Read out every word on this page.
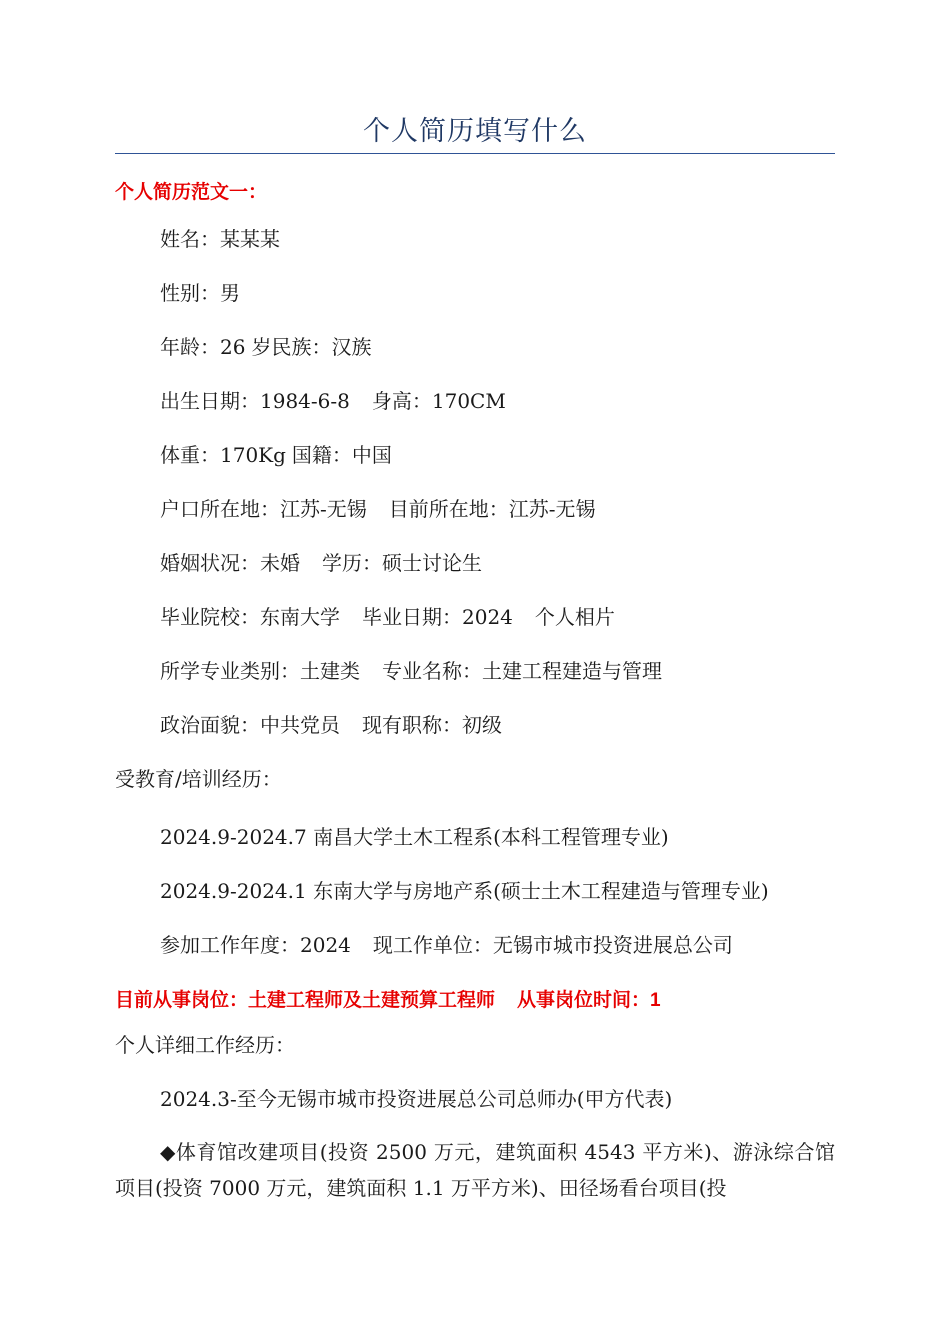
个人简历填写什么
个人简历范文一：
姓名：某某某
性别：男
年龄：26 岁民族：汉族
出生日期：1984-6-8 身高：170CM
体重：170Kg 国籍：中国
户口所在地：江苏-无锡 目前所在地：江苏-无锡
婚姻状况：未婚 学历：硕士讨论生
毕业院校：东南大学 毕业日期：2024 个人相片
所学专业类别：土建类 专业名称：土建工程建造与管理
政治面貌：中共党员 现有职称：初级
受教育/培训经历：
2024.9-2024.7 南昌大学土木工程系(本科工程管理专业)
2024.9-2024.1 东南大学与房地产系(硕士土木工程建造与管理专业)
参加工作年度：2024 现工作单位：无锡市城市投资进展总公司
目前从事岗位：土建工程师及土建预算工程师 从事岗位时间：1
个人详细工作经历：
2024.3-至今无锡市城市投资进展总公司总师办(甲方代表)
◆体育馆改建项目(投资 2500 万元，建筑面积 4543 平方米)、游泳综合馆项目(投资 7000 万元，建筑面积 1.1 万平方米)、田径场看台项目(投
